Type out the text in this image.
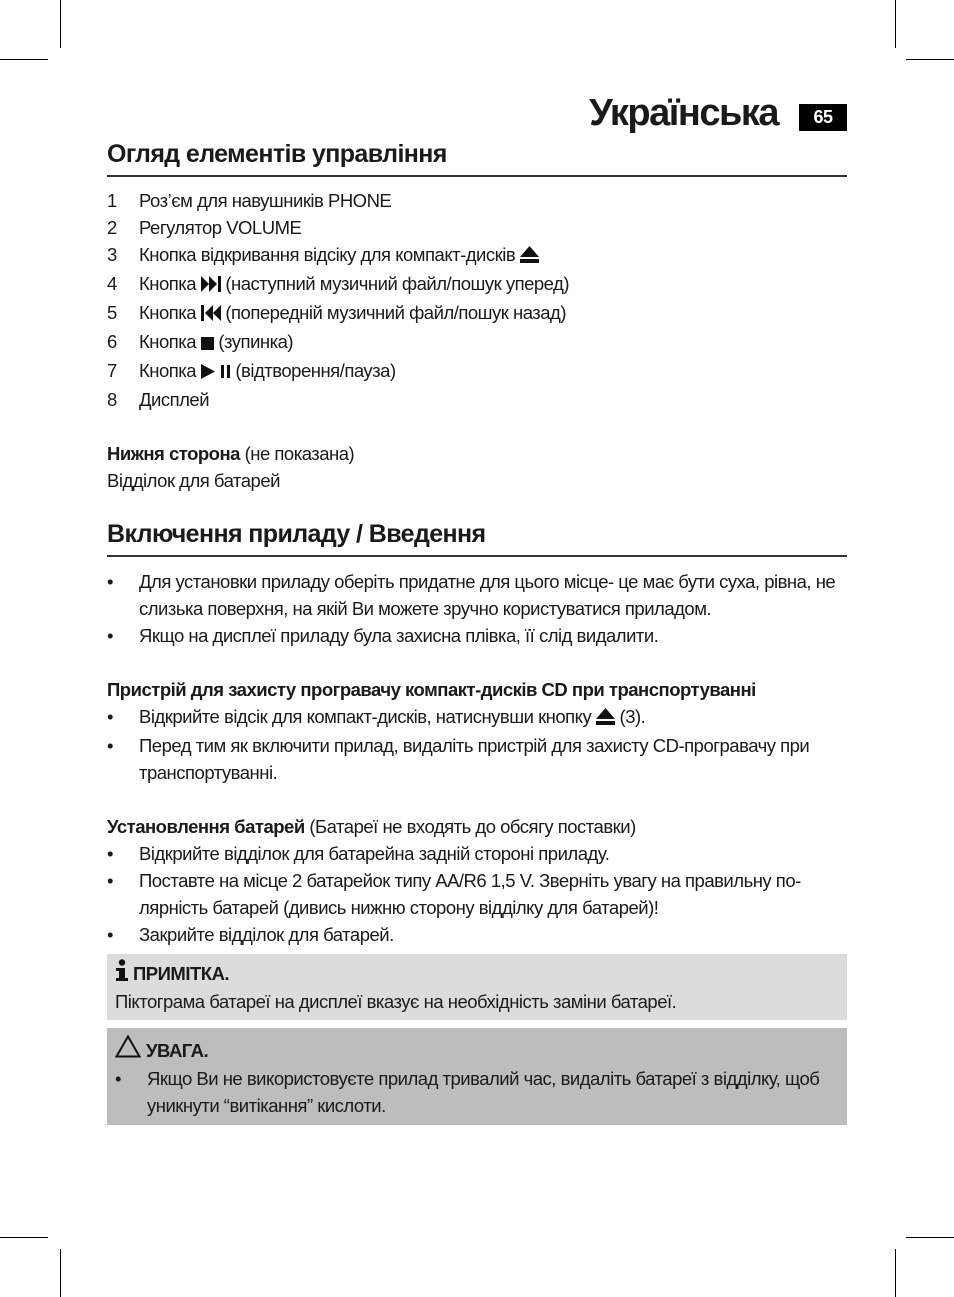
Українська	65
Огляд елементів управління
1	Роз’єм для навушників PHONE
2	Регулятор VOLUME
3	Кнопка відкривання відсіку для компакт-дисків
4	Кнопка (наступний музичний файл/пошук уперед)
5	Кнопка (попередній музичний файл/пошук назад)
6	Кнопка (зупинка)
7	Кнопка (відтворення/пауза)
8	Дисплей
Нижня сторона (не показана)
Відділок для батарей
Включення приладу / Введення
•	Для установки приладу оберіть придатне для цього місце- це має бути суха, рівна, не слизька поверхня, на якій Ви можете зручно користуватися приладом.
•	Якщо на дисплеї приладу була захисна плівка, її слід видалити.
Пристрій для захисту програвачу компакт-дисків CD при транспортуванні
•	Відкрийте відсік для компакт-дисків, натиснувши кнопку (3).
•	Перед тим як включити прилад, видаліть пристрій для захисту CD-програвачу при транспортуванні.
Установлення батарей (Батареї не входять до обсягу поставки)
•	Відкрийте відділок для батарейна задній стороні приладу.
•	Поставте на місце 2 батарейок типу AA/R6 1,5 V. Зверніть увагу на правильну по-лярність батарей (дивись нижню сторону відділку для батарей)!
•	Закрийте відділок для батарей.
ПРИМІТКА.
Піктограма батареї на дисплеї вказує на необхідність заміни батареї.
УВАГА.
•	Якщо Ви не використовуєте прилад тривалий час, видаліть батареї з відділку, щоб уникнути “витікання” кислоти.
